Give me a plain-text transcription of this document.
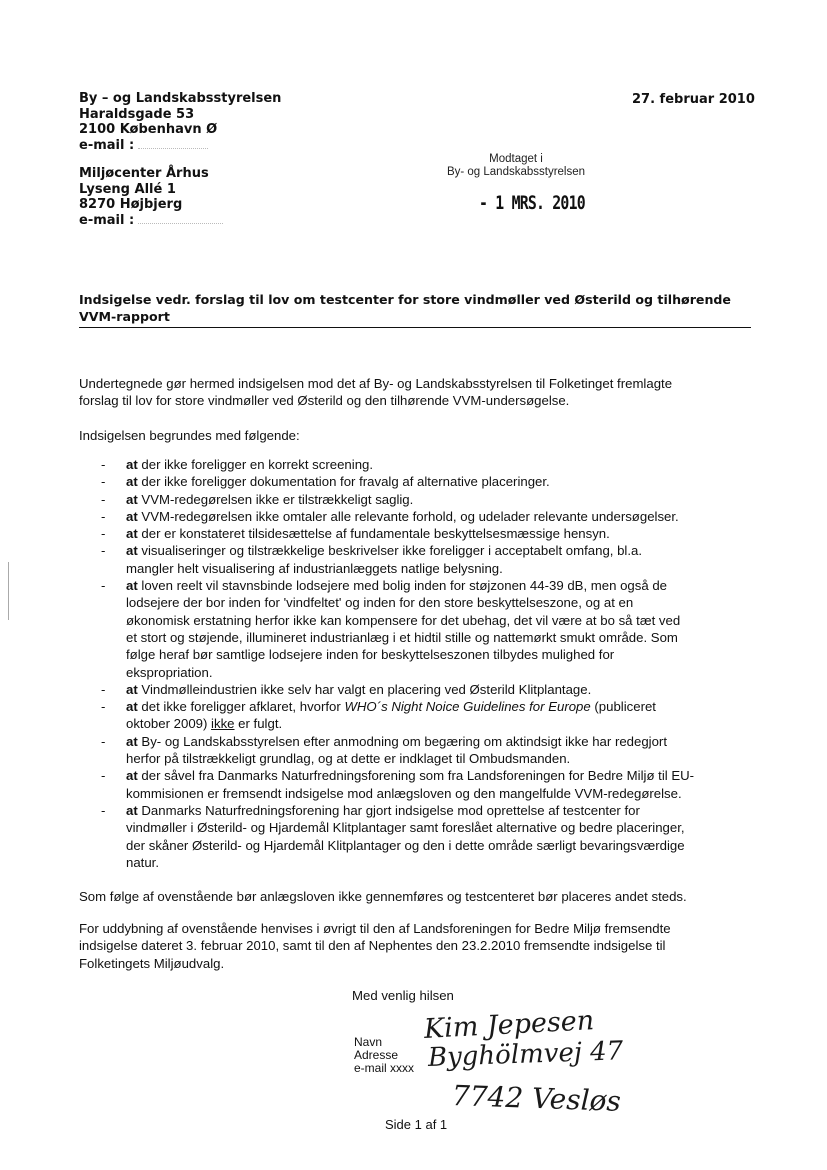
By – og Landskabsstyrelsen
Haraldsgade 53
2100 København Ø
e-mail :
27. februar 2010
Miljøcenter Århus
Lyseng Allé 1
8270 Højbjerg
e-mail :
Modtaget i
By- og Landskabsstyrelsen
- 1 MRS. 2010
Indsigelse vedr. forslag til lov om testcenter for store vindmøller ved Østerild og tilhørende
VVM-rapport
Undertegnede gør hermed indsigelsen mod det af By- og Landskabsstyrelsen til Folketinget fremlagte
forslag til lov for store vindmøller ved Østerild og den tilhørende VVM-undersøgelse.
Indsigelsen begrundes med følgende:
- at der ikke foreligger en korrekt screening.
- at der ikke foreligger dokumentation for fravalg af alternative placeringer.
- at VVM-redegørelsen ikke er tilstrækkeligt saglig.
- at VVM-redegørelsen ikke omtaler alle relevante forhold, og udelader relevante undersøgelser.
- at der er konstateret tilsidesættelse af fundamentale beskyttelsesmæssige hensyn.
- at visualiseringer og tilstrækkelige beskrivelser ikke foreligger i acceptabelt omfang, bl.a.
mangler helt visualisering af industrianlæggets natlige belysning.
- at loven reelt vil stavnsbinde lodsejere med bolig inden for støjzonen 44-39 dB, men også de
lodsejere der bor inden for 'vindfeltet' og inden for den store beskyttelseszone, og at en
økonomisk erstatning herfor ikke kan kompensere for det ubehag, det vil være at bo så tæt ved
et stort og støjende, illumineret industrianlæg i et hidtil stille og nattemørkt smukt område. Som
følge heraf bør samtlige lodsejere inden for beskyttelseszonen tilbydes mulighed for
ekspropriation.
- at Vindmølleindustrien ikke selv har valgt en placering ved Østerild Klitplantage.
- at det ikke foreligger afklaret, hvorfor WHO´s Night Noice Guidelines for Europe (publiceret
oktober 2009) ikke er fulgt.
- at By- og Landskabsstyrelsen efter anmodning om begæring om aktindsigt ikke har redegjort
herfor på tilstrækkeligt grundlag, og at dette er indklaget til Ombudsmanden.
- at der såvel fra Danmarks Naturfredningsforening som fra Landsforeningen for Bedre Miljø til EU-
kommisionen er fremsendt indsigelse mod anlægsloven og den mangelfulde VVM-redegørelse.
- at Danmarks Naturfredningsforening har gjort indsigelse mod oprettelse af testcenter for
vindmøller i Østerild- og Hjardemål Klitplantager samt foreslået alternative og bedre placeringer,
der skåner Østerild- og Hjardemål Klitplantager og den i dette område særligt bevaringsværdige
natur.
Som følge af ovenstående bør anlægsloven ikke gennemføres og testcenteret bør placeres andet steds.
For uddybning af ovenstående henvises i øvrigt til den af Landsforeningen for Bedre Miljø fremsendte
indsigelse dateret 3. februar 2010, samt til den af Nephentes den 23.2.2010 fremsendte indsigelse til
Folketingets Miljøudvalg.
Med venlig hilsen
Navn
Adresse
e-mail xxxx
Kim Jepesen
Byghölmvej 47
7742 Vesløs
Side 1 af 1
